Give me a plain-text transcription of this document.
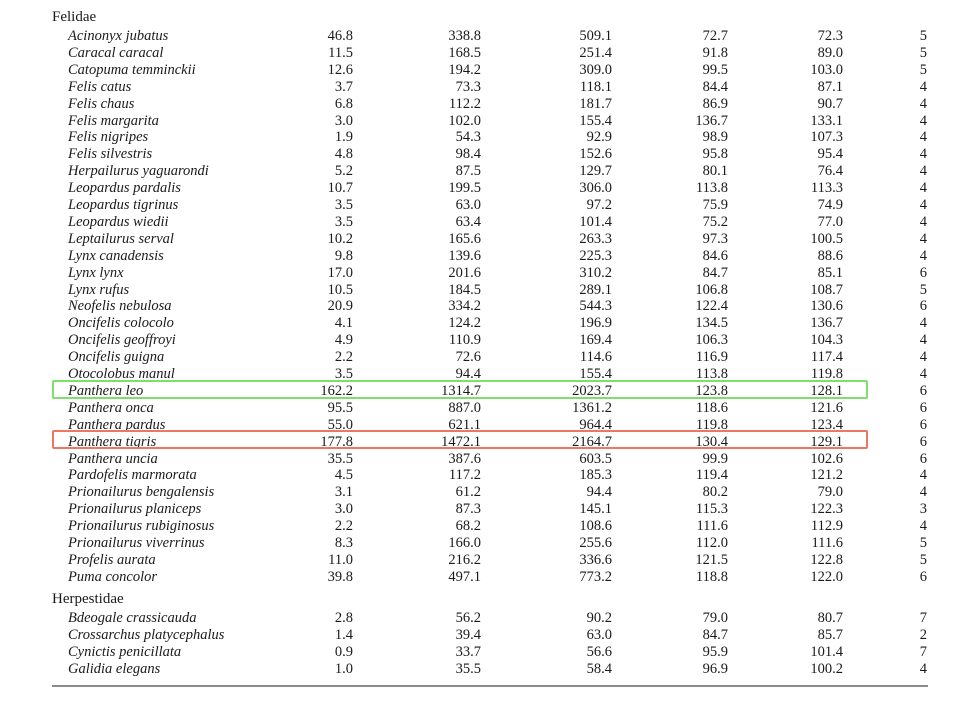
Felidae
Acinonyx jubatus	46.8	338.8	509.1	72.7	72.3	5
Caracal caracal	11.5	168.5	251.4	91.8	89.0	5
Catopuma temminckii	12.6	194.2	309.0	99.5	103.0	5
Felis catus	3.7	73.3	118.1	84.4	87.1	4
Felis chaus	6.8	112.2	181.7	86.9	90.7	4
Felis margarita	3.0	102.0	155.4	136.7	133.1	4
Felis nigripes	1.9	54.3	92.9	98.9	107.3	4
Felis silvestris	4.8	98.4	152.6	95.8	95.4	4
Herpailurus yaguarondi	5.2	87.5	129.7	80.1	76.4	4
Leopardus pardalis	10.7	199.5	306.0	113.8	113.3	4
Leopardus tigrinus	3.5	63.0	97.2	75.9	74.9	4
Leopardus wiedii	3.5	63.4	101.4	75.2	77.0	4
Leptailurus serval	10.2	165.6	263.3	97.3	100.5	4
Lynx canadensis	9.8	139.6	225.3	84.6	88.6	4
Lynx lynx	17.0	201.6	310.2	84.7	85.1	6
Lynx rufus	10.5	184.5	289.1	106.8	108.7	5
Neofelis nebulosa	20.9	334.2	544.3	122.4	130.6	6
Oncifelis colocolo	4.1	124.2	196.9	134.5	136.7	4
Oncifelis geoffroyi	4.9	110.9	169.4	106.3	104.3	4
Oncifelis guigna	2.2	72.6	114.6	116.9	117.4	4
Otocolobus manul	3.5	94.4	155.4	113.8	119.8	4
Panthera leo	162.2	1314.7	2023.7	123.8	128.1	6
Panthera onca	95.5	887.0	1361.2	118.6	121.6	6
Panthera pardus	55.0	621.1	964.4	119.8	123.4	6
Panthera tigris	177.8	1472.1	2164.7	130.4	129.1	6
Panthera uncia	35.5	387.6	603.5	99.9	102.6	6
Pardofelis marmorata	4.5	117.2	185.3	119.4	121.2	4
Prionailurus bengalensis	3.1	61.2	94.4	80.2	79.0	4
Prionailurus planiceps	3.0	87.3	145.1	115.3	122.3	3
Prionailurus rubiginosus	2.2	68.2	108.6	111.6	112.9	4
Prionailurus viverrinus	8.3	166.0	255.6	112.0	111.6	5
Profelis aurata	11.0	216.2	336.6	121.5	122.8	5
Puma concolor	39.8	497.1	773.2	118.8	122.0	6
Herpestidae
Bdeogale crassicauda	2.8	56.2	90.2	79.0	80.7	7
Crossarchus platycephalus	1.4	39.4	63.0	84.7	85.7	2
Cynictis penicillata	0.9	33.7	56.6	95.9	101.4	7
Galidia elegans	1.0	35.5	58.4	96.9	100.2	4
